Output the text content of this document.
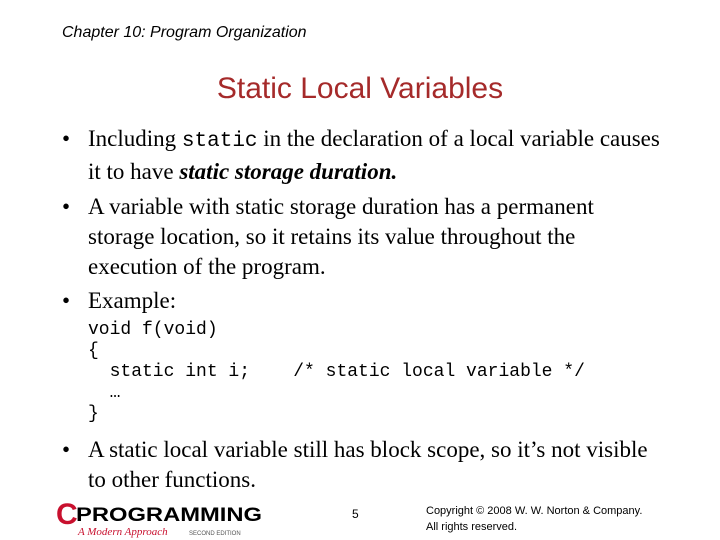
Chapter 10: Program Organization
Static Local Variables
• Including static in the declaration of a local variable causes it to have static storage duration.
• A variable with static storage duration has a permanent storage location, so it retains its value throughout the execution of the program.
• Example:
void f(void)
{
static int i;    /* static local variable */
…
}
• A static local variable still has block scope, so it’s not visible to other functions.
C
PROGRAMMING
A Modern Approach	SECOND EDITION
5	Copyright © 2008 W. W. Norton & Company.
All rights reserved.
